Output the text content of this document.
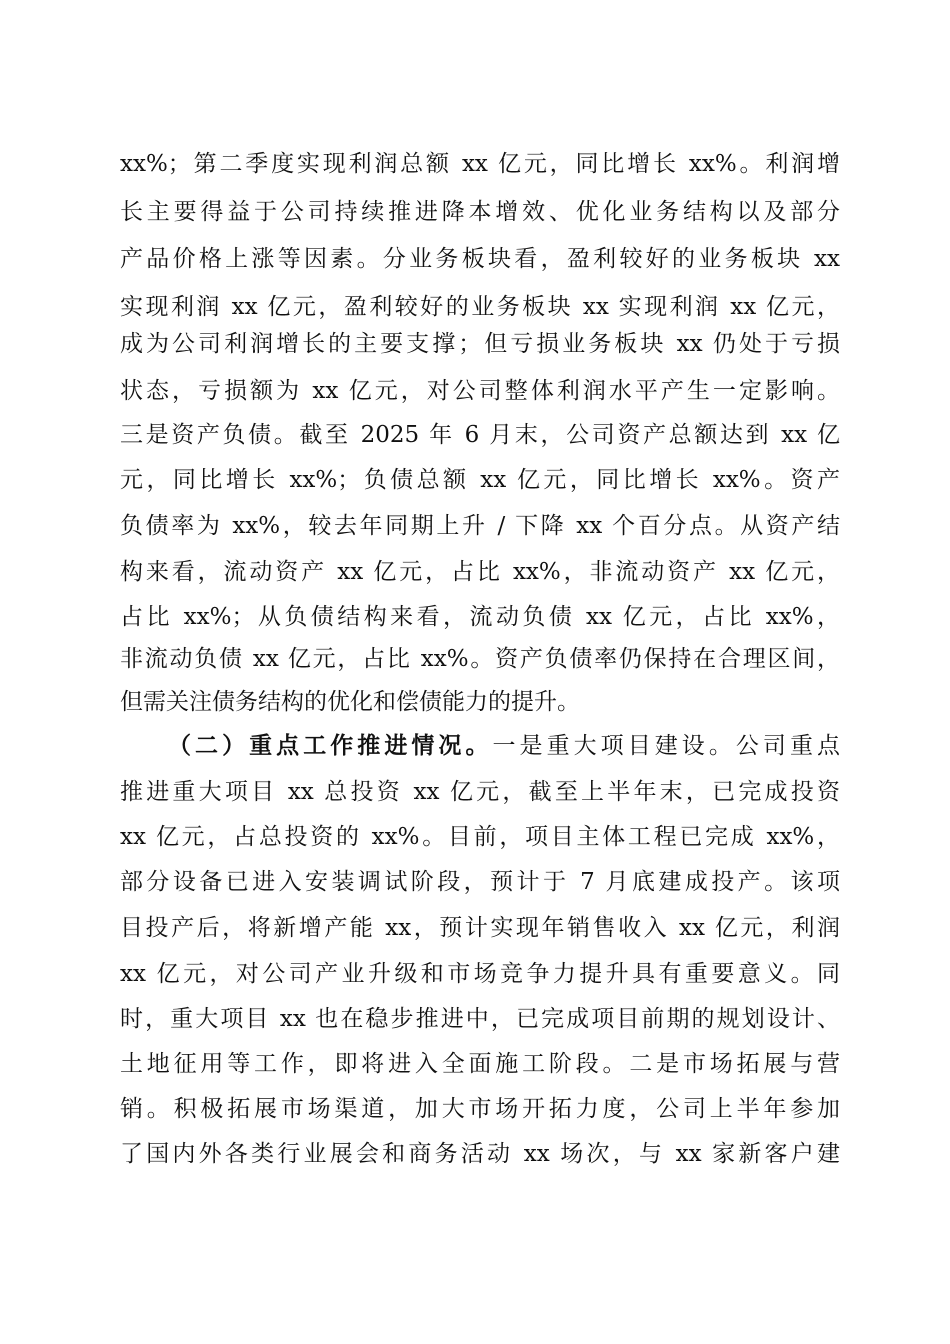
xx%；第二季度实现利润总额 xx 亿元，同比增长 xx%。利润增
长主要得益于公司持续推进降本增效、优化业务结构以及部分
产品价格上涨等因素。分业务板块看，盈利较好的业务板块 xx
实现利润 xx 亿元，盈利较好的业务板块 xx 实现利润 xx 亿元，
成为公司利润增长的主要支撑；但亏损业务板块 xx 仍处于亏损
状态，亏损额为 xx 亿元，对公司整体利润水平产生一定影响。
三是资产负债。截至 2025 年 6 月末，公司资产总额达到 xx 亿
元，同比增长 xx%；负债总额 xx 亿元，同比增长 xx%。资产
负债率为 xx%，较去年同期上升 / 下降 xx 个百分点。从资产结
构来看，流动资产 xx 亿元，占比 xx%，非流动资产 xx 亿元，
占比 xx%；从负债结构来看，流动负债 xx 亿元，占比 xx%，
非流动负债 xx 亿元，占比 xx%。资产负债率仍保持在合理区间，
但需关注债务结构的优化和偿债能力的提升。
（二）重点工作推进情况。一是重大项目建设。公司重点
推进重大项目 xx 总投资 xx 亿元，截至上半年末，已完成投资
xx 亿元，占总投资的 xx%。目前，项目主体工程已完成 xx%，
部分设备已进入安装调试阶段，预计于 7 月底建成投产。该项
目投产后，将新增产能 xx，预计实现年销售收入 xx 亿元，利润
xx 亿元，对公司产业升级和市场竞争力提升具有重要意义。同
时，重大项目 xx 也在稳步推进中，已完成项目前期的规划设计、
土地征用等工作，即将进入全面施工阶段。二是市场拓展与营
销。积极拓展市场渠道，加大市场开拓力度，公司上半年参加
了国内外各类行业展会和商务活动 xx 场次，与 xx 家新客户建
